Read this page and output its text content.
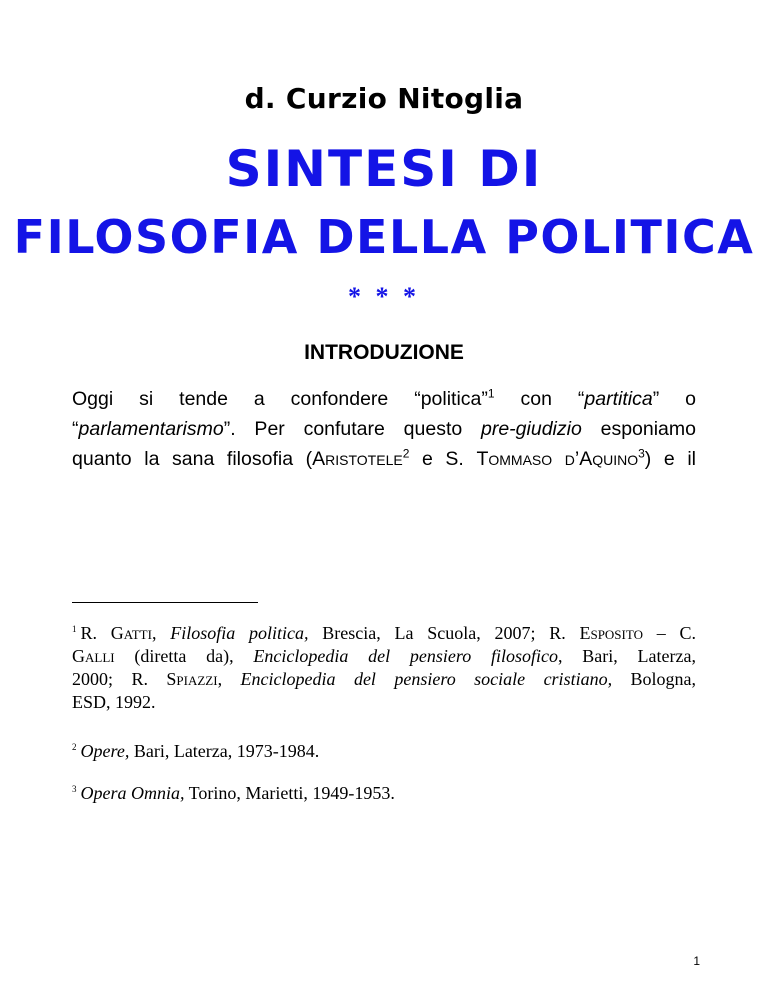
d. Curzio Nitoglia
SINTESI DI
FILOSOFIA DELLA POLITICA
* * *
INTRODUZIONE
Oggi si tende a confondere “politica”$^1$ con “partitica” o
“parlamentarismo”. Per confutare questo pre-giudizio esponiamo
quanto la sana filosofia (Aristotele$^2$ e S. Tommaso d’Aquino$^3$) e il
$^1$ R. Gatti, Filosofia politica, Brescia, La Scuola, 2007; R. Esposito – C.
Galli (diretta da), Enciclopedia del pensiero filosofico, Bari, Laterza,
2000; R. Spiazzi, Enciclopedia del pensiero sociale cristiano, Bologna,
ESD, 1992.
$^2$ Opere, Bari, Laterza, 1973-1984.
$^3$ Opera Omnia, Torino, Marietti, 1949-1953.
1
